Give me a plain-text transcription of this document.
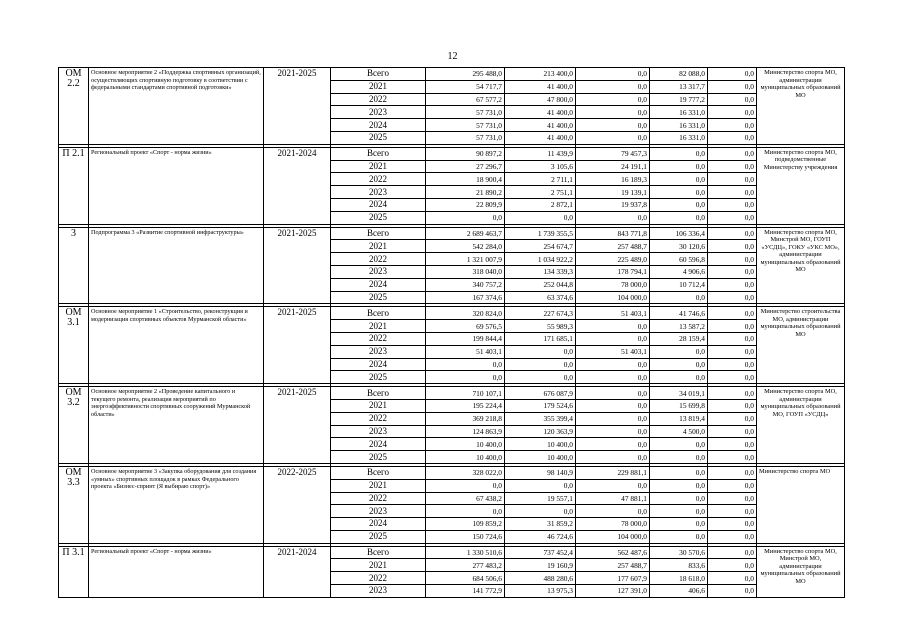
12
ОМ 2.2	Основное мероприятие 2 «Поддержка спортивных организаций, осуществляющих спортивную подготовку в соответствии с федеральными стандартами спортивной подготовки»	2021-2025	Всего	295 488,0	213 400,0	0,0	82 088,0	0,0	Министерство спорта МО, администрации муниципальных образований МО
			2021	54 717,7	41 400,0	0,0	13 317,7	0,0	
			2022	67 577,2	47 800,0	0,0	19 777,2	0,0	
			2023	57 731,0	41 400,0	0,0	16 331,0	0,0	
			2024	57 731,0	41 400,0	0,0	16 331,0	0,0	
			2025	57 731,0	41 400,0	0,0	16 331,0	0,0	

П 2.1	Региональный проект «Спорт - норма жизни»	2021-2024	Всего	90 897,2	11 439,9	79 457,3	0,0	0,0	Министерство спорта МО, подведомственные Министерству учреждения
			2021	27 296,7	3 105,6	24 191,1	0,0	0,0	
			2022	18 900,4	2 711,1	16 189,3	0,0	0,0	
			2023	21 890,2	2 751,1	19 139,1	0,0	0,0	
			2024	22 809,9	2 872,1	19 937,8	0,0	0,0	
			2025	0,0	0,0	0,0	0,0	0,0	

3	Подпрограмма 3 «Развитие спортивной инфраструктуры»	2021-2025	Всего	2 689 463,7	1 739 355,5	843 771,8	106 336,4	0,0	Министерство спорта МО, Минстрой МО, ГОУП «УСДЦ», ГОКУ «УКС МО», администрации муниципальных образований МО
			2021	542 284,0	254 674,7	257 488,7	30 120,6	0,0	
			2022	1 321 007,9	1 034 922,2	225 489,0	60 596,8	0,0	
			2023	318 040,0	134 339,3	178 794,1	4 906,6	0,0	
			2024	340 757,2	252 044,8	78 000,0	10 712,4	0,0	
			2025	167 374,6	63 374,6	104 000,0	0,0	0,0	

ОМ 3.1	Основное мероприятие 1 «Строительство, реконструкция и модернизация спортивных объектов Мурманской области»	2021-2025	Всего	320 824,0	227 674,3	51 403,1	41 746,6	0,0	Министерство строительства МО, администрации муниципальных образований МО
			2021	69 576,5	55 989,3	0,0	13 587,2	0,0	
			2022	199 844,4	171 685,1	0,0	28 159,4	0,0	
			2023	51 403,1	0,0	51 403,1	0,0	0,0	
			2024	0,0	0,0	0,0	0,0	0,0	
			2025	0,0	0,0	0,0	0,0	0,0	

ОМ 3.2	Основное мероприятие 2 «Проведение капитального и текущего ремонта, реализация мероприятий по энергоэффективности спортивных сооружений Мурманской области»	2021-2025	Всего	710 107,1	676 087,9	0,0	34 019,1	0,0	Министерство спорта МО, администрации муниципальных образований МО, ГОУП «УСДЦ»
			2021	195 224,4	179 524,6	0,0	15 699,8	0,0	
			2022	369 218,8	355 399,4	0,0	13 819,4	0,0	
			2023	124 863,9	120 363,9	0,0	4 500,0	0,0	
			2024	10 400,0	10 400,0	0,0	0,0	0,0	
			2025	10 400,0	10 400,0	0,0	0,0	0,0	

ОМ 3.3	Основное мероприятие 3 «Закупка оборудования для создания «умных» спортивных площадок в рамках Федерального проекта «Бизнес-спринт (Я выбираю спорт)»	2022-2025	Всего	328 022,0	98 140,9	229 881,1	0,0	0,0	Министерство спорта МО
			2021	0,0	0,0	0,0	0,0	0,0	
			2022	67 438,2	19 557,1	47 881,1	0,0	0,0	
			2023	0,0	0,0	0,0	0,0	0,0	
			2024	109 859,2	31 859,2	78 000,0	0,0	0,0	
			2025	150 724,6	46 724,6	104 000,0	0,0	0,0	

П 3.1	Региональный проект «Спорт - норма жизни»	2021-2024	Всего	1 330 510,6	737 452,4	562 487,6	30 570,6	0,0	Министерство спорта МО, Минстрой МО, администрации муниципальных образований МО
			2021	277 483,2	19 160,9	257 488,7	833,6	0,0	
			2022	684 506,6	488 280,6	177 607,9	18 618,0	0,0	
			2023	141 772,9	13 975,3	127 391,0	406,6	0,0	
